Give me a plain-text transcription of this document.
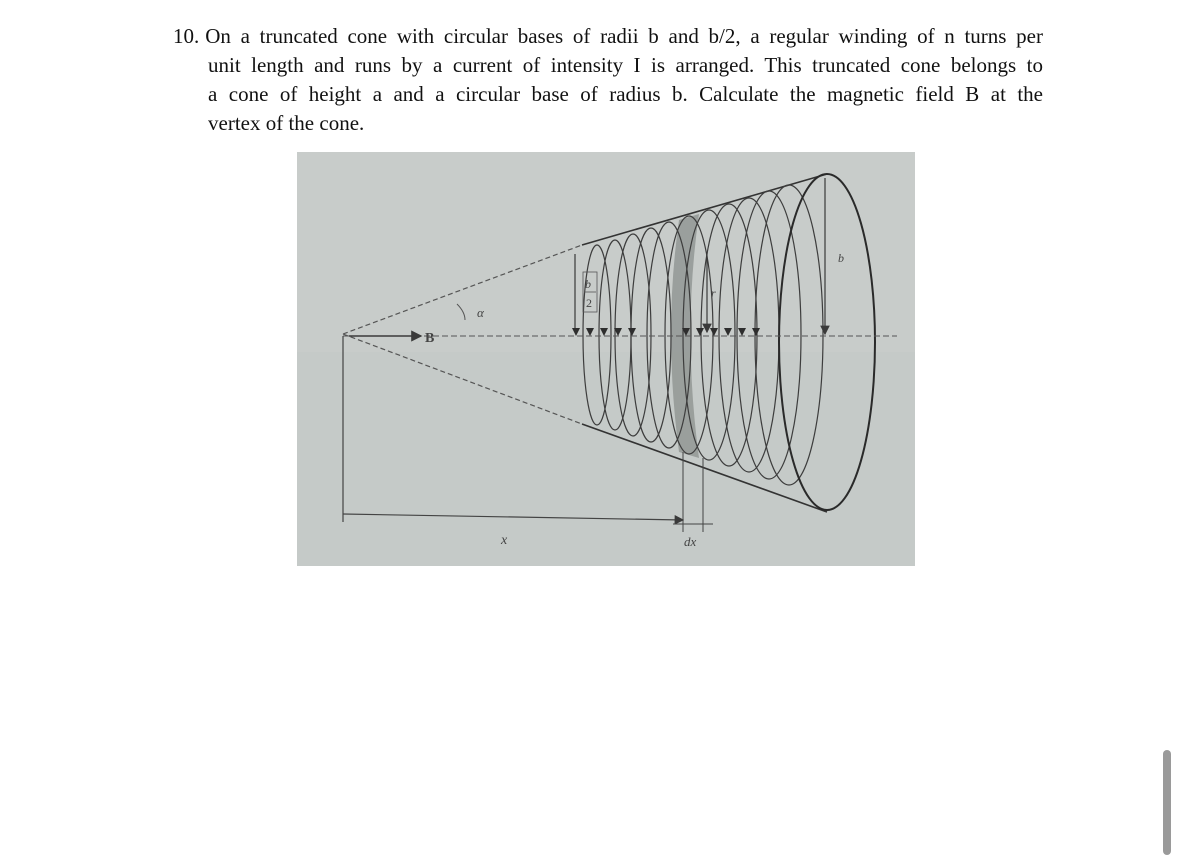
10. On a truncated cone with circular bases of radii b and b/2, a regular winding of n turns per
unit length and runs by a current of intensity I is arranged. This truncated cone belongs to
a cone of height a and a circular base of radius b. Calculate the magnetic field B at the
vertex of the cone.
B
α
b
2
r
b
x	dx
